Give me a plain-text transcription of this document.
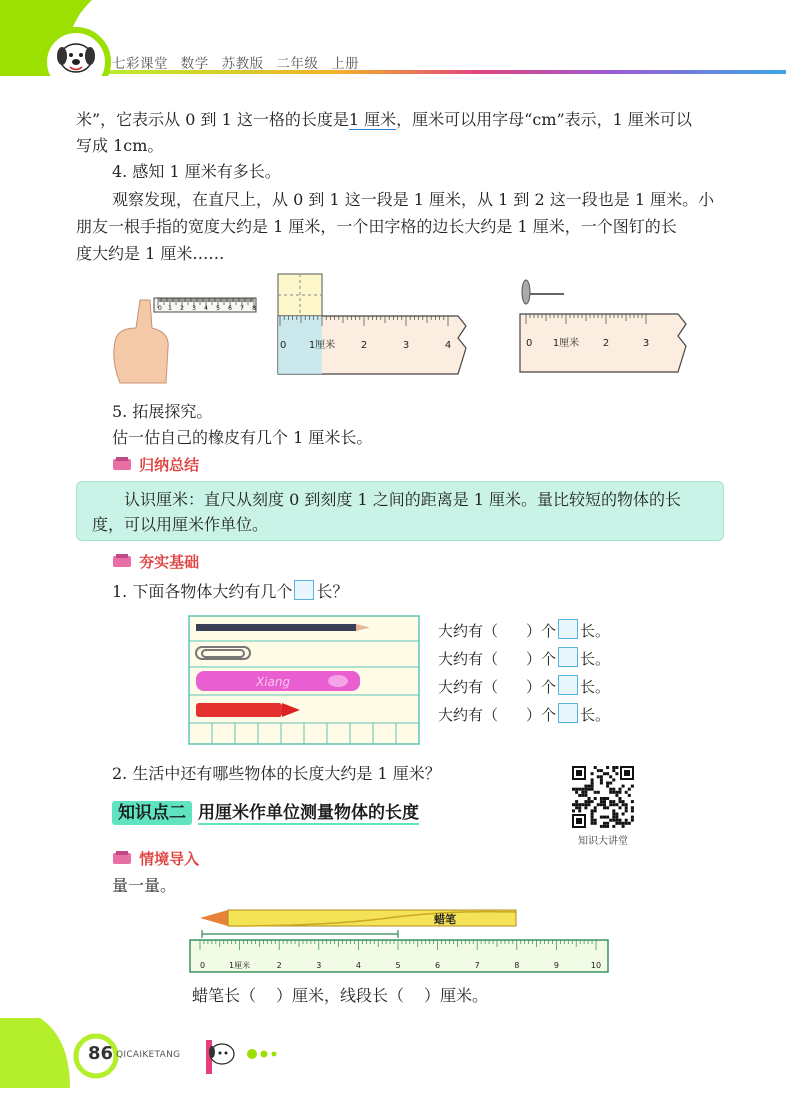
七彩课堂 数学 苏教版 二年级 上册
米”，它表示从 0 到 1 这一格的长度是1 厘米，厘米可以用字母“cm”表示，1 厘米可以
写成 1cm。
4. 感知 1 厘米有多长。
观察发现，在直尺上，从 0 到 1 这一段是 1 厘米，从 1 到 2 这一段也是 1 厘米。小
朋友一根手指的宽度大约是 1 厘米，一个田字格的边长大约是 1 厘米，一个图钉的长
度大约是 1 厘米……
0 1 2 3 4 5 6 7 8
0 1厘米	2	3	4	0 1厘米 2	3
5. 拓展探究。
估一估自己的橡皮有几个 1 厘米长。
归纳总结
认识厘米：直尺从刻度 0 到刻度 1 之间的距离是 1 厘米。量比较短的物体的长度，可以用厘米作单位。
夯实基础
1. 下面各物体大约有几个 长？
Xiang
大约有（ ）个 长。
大约有（ ）个 长。
大约有（ ）个 长。
大约有（ ）个 长。
2. 生活中还有哪些物体的长度大约是 1 厘米？
知识大讲堂
知识点二 用厘米作单位测量物体的长度
情境导入
量一量。
蜡笔
0	1厘米	2	3	4	5	6	7	8	9	10
蜡笔长（ ）厘米，线段长（ ）厘米。
86 QICAIKETANG
